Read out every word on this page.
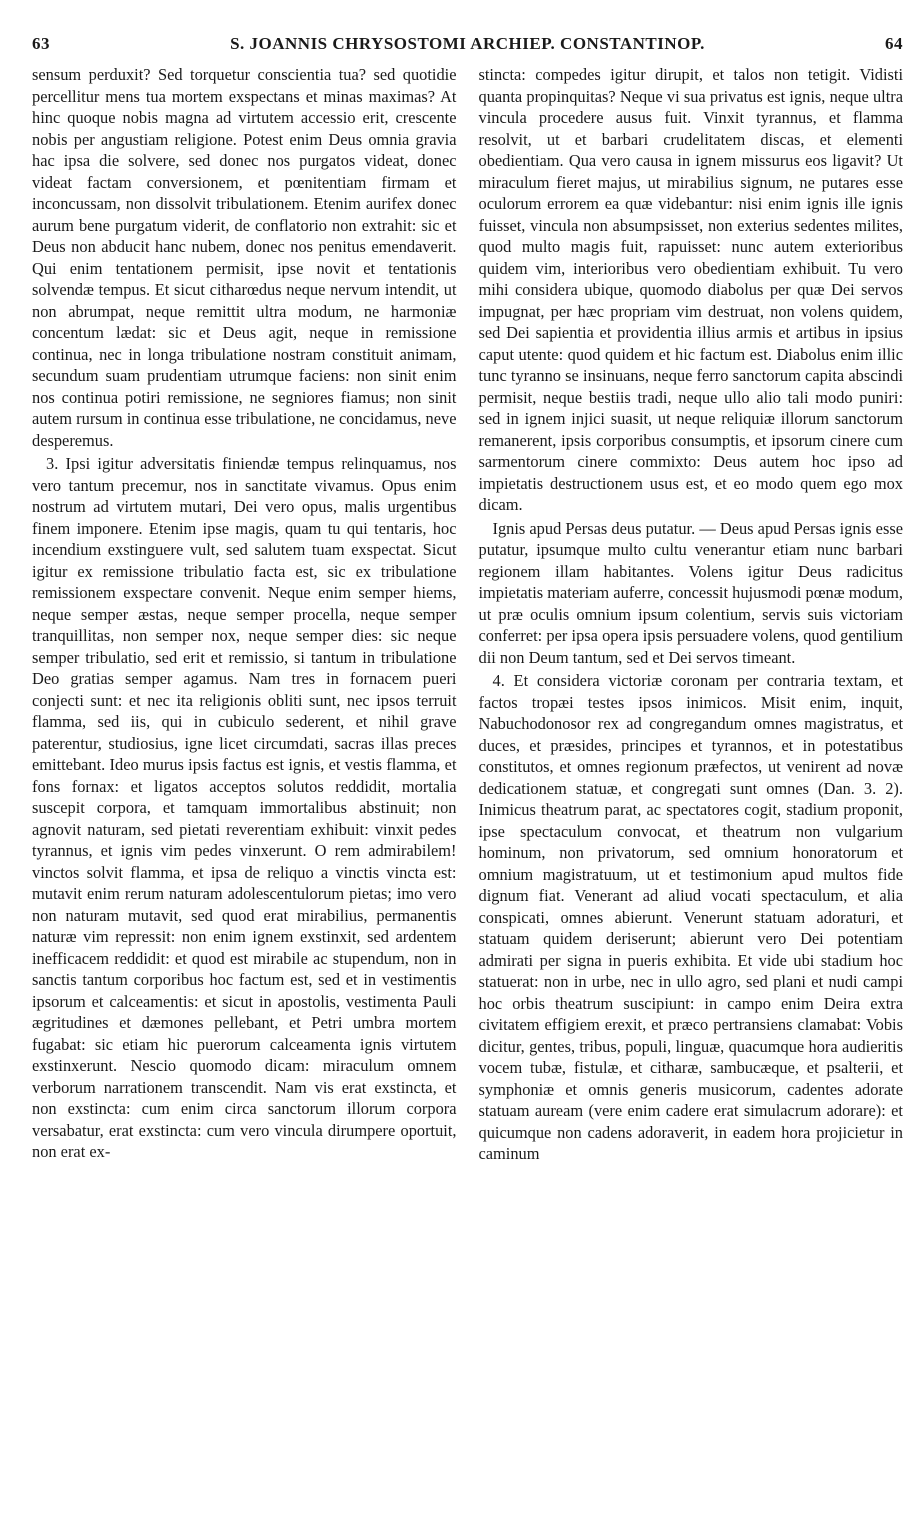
63	S. JOANNIS CHRYSOSTOMI ARCHIEP. CONSTANTINOP.	64

sensum perduxit? Sed torquetur conscientia tua? sed quotidie percellitur mens tua mortem exspectans et minas maximas? At hinc quoque nobis magna ad virtutem accessio erit, crescente nobis per angustiam religione. Potest enim Deus omnia gravia hac ipsa die solvere, sed donec nos purgatos videat, donec videat factam conversionem, et pœnitentiam firmam et inconcussam, non dissolvit tribulationem. Etenim aurifex donec aurum bene purgatum viderit, de conflatorio non extrahit: sic et Deus non abducit hanc nubem, donec nos penitus emendaverit. Qui enim tentationem permisit, ipse novit et tentationis solvendæ tempus. Et sicut citharœdus neque nervum intendit, ut non abrumpat, neque remittit ultra modum, ne harmoniæ concentum lædat: sic et Deus agit, neque in remissione continua, nec in longa tribulatione nostram constituit animam, secundum suam prudentiam utrumque faciens: non sinit enim nos continua potiri remissione, ne segniores fiamus; non sinit autem rursum in continua esse tribulatione, ne concidamus, neve desperemus.

3. Ipsi igitur adversitatis finiendæ tempus relinquamus, nos vero tantum precemur, nos in sanctitate vivamus. Opus enim nostrum ad virtutem mutari, Dei vero opus, malis urgentibus finem imponere. Etenim ipse magis, quam tu qui tentaris, hoc incendium exstinguere vult, sed salutem tuam exspectat. Sicut igitur ex remissione tribulatio facta est, sic ex tribulatione remissionem exspectare convenit. Neque enim semper hiems, neque semper æstas, neque semper procella, neque semper tranquillitas, non semper nox, neque semper dies: sic neque semper tribulatio, sed erit et remissio, si tantum in tribulatione Deo gratias semper agamus. Nam tres in fornacem pueri conjecti sunt: et nec ita religionis obliti sunt, nec ipsos terruit flamma, sed iis, qui in cubiculo sederent, et nihil grave paterentur, studiosius, igne licet circumdati, sacras illas preces emittebant. Ideo murus ipsis factus est ignis, et vestis flamma, et fons fornax: et ligatos acceptos solutos reddidit, mortalia suscepit corpora, et tamquam immortalibus abstinuit; non agnovit naturam, sed pietati reverentiam exhibuit: vinxit pedes tyrannus, et ignis vim pedes vinxerunt. O rem admirabilem! vinctos solvit flamma, et ipsa de reliquo a vinctis vincta est: mutavit enim rerum naturam adolescentulorum pietas; imo vero non naturam mutavit, sed quod erat mirabilius, permanentis naturæ vim repressit: non enim ignem exstinxit, sed ardentem inefficacem reddidit: et quod est mirabile ac stupendum, non in sanctis tantum corporibus hoc factum est, sed et in vestimentis ipsorum et calceamentis: et sicut in apostolis, vestimenta Pauli ægritudines et dæmones pellebant, et Petri umbra mortem fugabat: sic etiam hic puerorum calceamenta ignis virtutem exstinxerunt. Nescio quomodo dicam: miraculum omnem verborum narrationem transcendit. Nam vis erat exstincta, et non exstincta: cum enim circa sanctorum illorum corpora versabatur, erat exstincta: cum vero vincula dirumpere oportuit, non erat ex-

stincta: compedes igitur dirupit, et talos non tetigit. Vidisti quanta propinquitas? Neque vi sua privatus est ignis, neque ultra vincula procedere ausus fuit. Vinxit tyrannus, et flamma resolvit, ut et barbari crudelitatem discas, et elementi obedientiam. Qua vero causa in ignem missurus eos ligavit? Ut miraculum fieret majus, ut mirabilius signum, ne putares esse oculorum errorem ea quæ videbantur: nisi enim ignis ille ignis fuisset, vincula non absumpsisset, non exterius sedentes milites, quod multo magis fuit, rapuisset: nunc autem exterioribus quidem vim, interioribus vero obedientiam exhibuit. Tu vero mihi considera ubique, quomodo diabolus per quæ Dei servos impugnat, per hæc propriam vim destruat, non volens quidem, sed Dei sapientia et providentia illius armis et artibus in ipsius caput utente: quod quidem et hic factum est. Diabolus enim illic tunc tyranno se insinuans, neque ferro sanctorum capita abscindi permisit, neque bestiis tradi, neque ullo alio tali modo puniri: sed in ignem injici suasit, ut neque reliquiæ illorum sanctorum remanerent, ipsis corporibus consumptis, et ipsorum cinere cum sarmentorum cinere commixto: Deus autem hoc ipso ad impietatis destructionem usus est, et eo modo quem ego mox dicam.

Ignis apud Persas deus putatur. — Deus apud Persas ignis esse putatur, ipsumque multo cultu venerantur etiam nunc barbari regionem illam habitantes. Volens igitur Deus radicitus impietatis materiam auferre, concessit hujusmodi pœnæ modum, ut præ oculis omnium ipsum colentium, servis suis victoriam conferret: per ipsa opera ipsis persuadere volens, quod gentilium dii non Deum tantum, sed et Dei servos timeant.

4. Et considera victoriæ coronam per contraria textam, et factos tropæi testes ipsos inimicos. Misit enim, inquit, Nabuchodonosor rex ad congregandum omnes magistratus, et duces, et præsides, principes et tyrannos, et in potestatibus constitutos, et omnes regionum præfectos, ut venirent ad novæ dedicationem statuæ, et congregati sunt omnes (Dan. 3. 2). Inimicus theatrum parat, ac spectatores cogit, stadium proponit, ipse spectaculum convocat, et theatrum non vulgarium hominum, non privatorum, sed omnium honoratorum et omnium magistratuum, ut et testimonium apud multos fide dignum fiat. Venerant ad aliud vocati spectaculum, et alia conspicati, omnes abierunt. Venerunt statuam adoraturi, et statuam quidem deriserunt; abierunt vero Dei potentiam admirati per signa in pueris exhibita. Et vide ubi stadium hoc statuerat: non in urbe, nec in ullo agro, sed plani et nudi campi hoc orbis theatrum suscipiunt: in campo enim Deira extra civitatem effigiem erexit, et præco pertransiens clamabat: Vobis dicitur, gentes, tribus, populi, linguæ, quacumque hora audieritis vocem tubæ, fistulæ, et citharæ, sambucæque, et psalterii, et symphoniæ et omnis generis musicorum, cadentes adorate statuam auream (vere enim cadere erat simulacrum adorare): et quicumque non cadens adoraverit, in eadem hora projicietur in caminum
